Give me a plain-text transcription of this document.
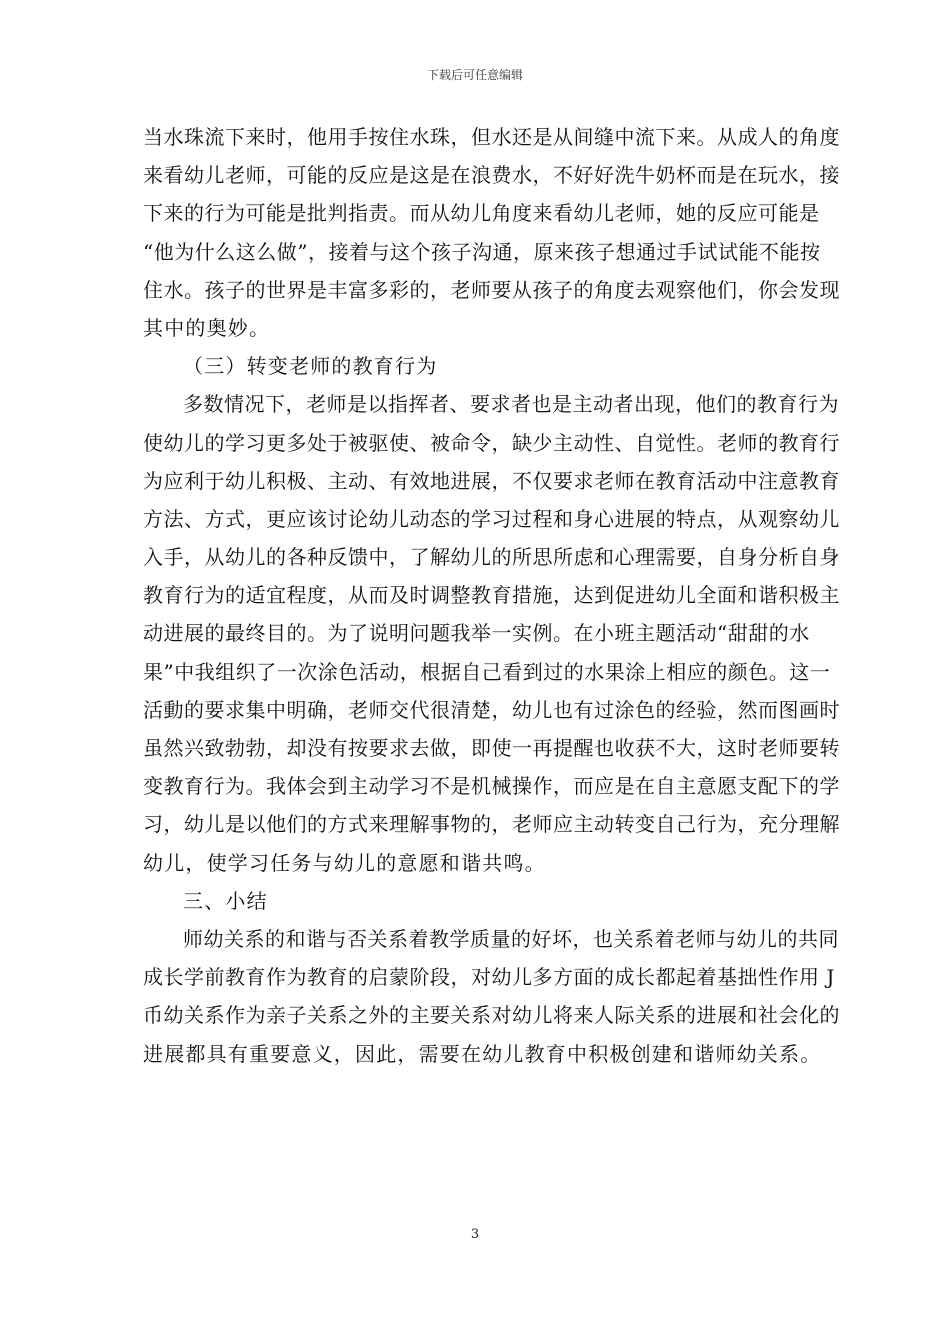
下载后可任意编辑
当水珠流下来时，他用手按住水珠，但水还是从间缝中流下来。从成人的角度
来看幼儿老师，可能的反应是这是在浪费水，不好好洗牛奶杯而是在玩水，接
下来的行为可能是批判指责。而从幼儿角度来看幼儿老师，她的反应可能是
“他为什么这么做”，接着与这个孩子沟通，原来孩子想通过手试试能不能按
住水。孩子的世界是丰富多彩的，老师要从孩子的角度去观察他们，你会发现
其中的奥妙。
（三）转变老师的教育行为
多数情况下，老师是以指挥者、要求者也是主动者出现，他们的教育行为
使幼儿的学习更多处于被驱使、被命令，缺少主动性、自觉性。老师的教育行
为应利于幼儿积极、主动、有效地进展，不仅要求老师在教育活动中注意教育
方法、方式，更应该讨论幼儿动态的学习过程和身心进展的特点，从观察幼儿
入手，从幼儿的各种反馈中，了解幼儿的所思所虑和心理需要，自身分析自身
教育行为的适宜程度，从而及时调整教育措施，达到促进幼儿全面和谐积极主
动进展的最终目的。为了说明问题我举一实例。在小班主题活动“甜甜的水
果”中我组织了一次涂色活动，根据自己看到过的水果涂上相应的颜色。这一
活動的要求集中明确，老师交代很清楚，幼儿也有过涂色的经验，然而图画时
虽然兴致勃勃，却没有按要求去做，即使一再提醒也收获不大，这时老师要转
变教育行为。我体会到主动学习不是机械操作，而应是在自主意愿支配下的学
习，幼儿是以他们的方式来理解事物的，老师应主动转变自己行为，充分理解
幼儿，使学习任务与幼儿的意愿和谐共鸣。
三、小结
师幼关系的和谐与否关系着教学质量的好坏，也关系着老师与幼儿的共同
成长学前教育作为教育的启蒙阶段，对幼儿多方面的成长都起着基拙性作用 J
币幼关系作为亲子关系之外的主要关系对幼儿将来人际关系的进展和社会化的
进展都具有重要意义，因此，需要在幼儿教育中积极创建和谐师幼关系。
3
